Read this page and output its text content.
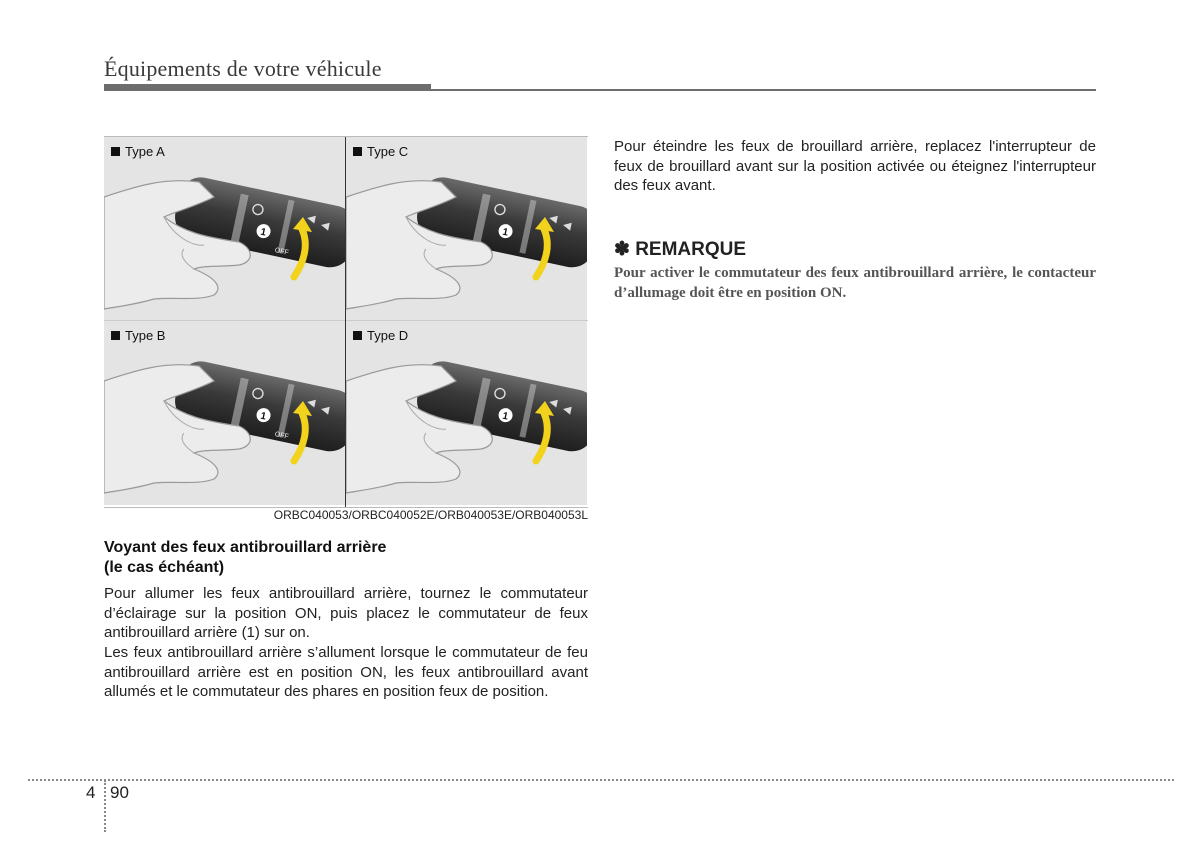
Équipements de votre véhicule
Type A
1
OFF
Type C
1
Type B
1
OFF
Type D
1
ORBC040053/ORBC040052E/ORB040053E/ORB040053L
Voyant des feux antibrouillard arrière
(le cas échéant)

Pour allumer les feux antibrouillard arrière, tournez le commutateur d’éclairage sur la position ON, puis placez le commutateur de feux antibrouillard arrière (1) sur on.

Les feux antibrouillard arrière s’allument lorsque le commutateur de feu antibrouillard arrière est en position ON, les feux antibrouillard avant allumés et le commutateur des phares en position feux de position.

Pour éteindre les feux de brouillard arrière, replacez l'interrupteur de feux de brouillard avant sur la position activée ou éteignez l'interrupteur des feux avant.

✽ REMARQUE

Pour activer le commutateur des feux antibrouillard arrière, le contacteur d’allumage doit être en position ON.

4 90
